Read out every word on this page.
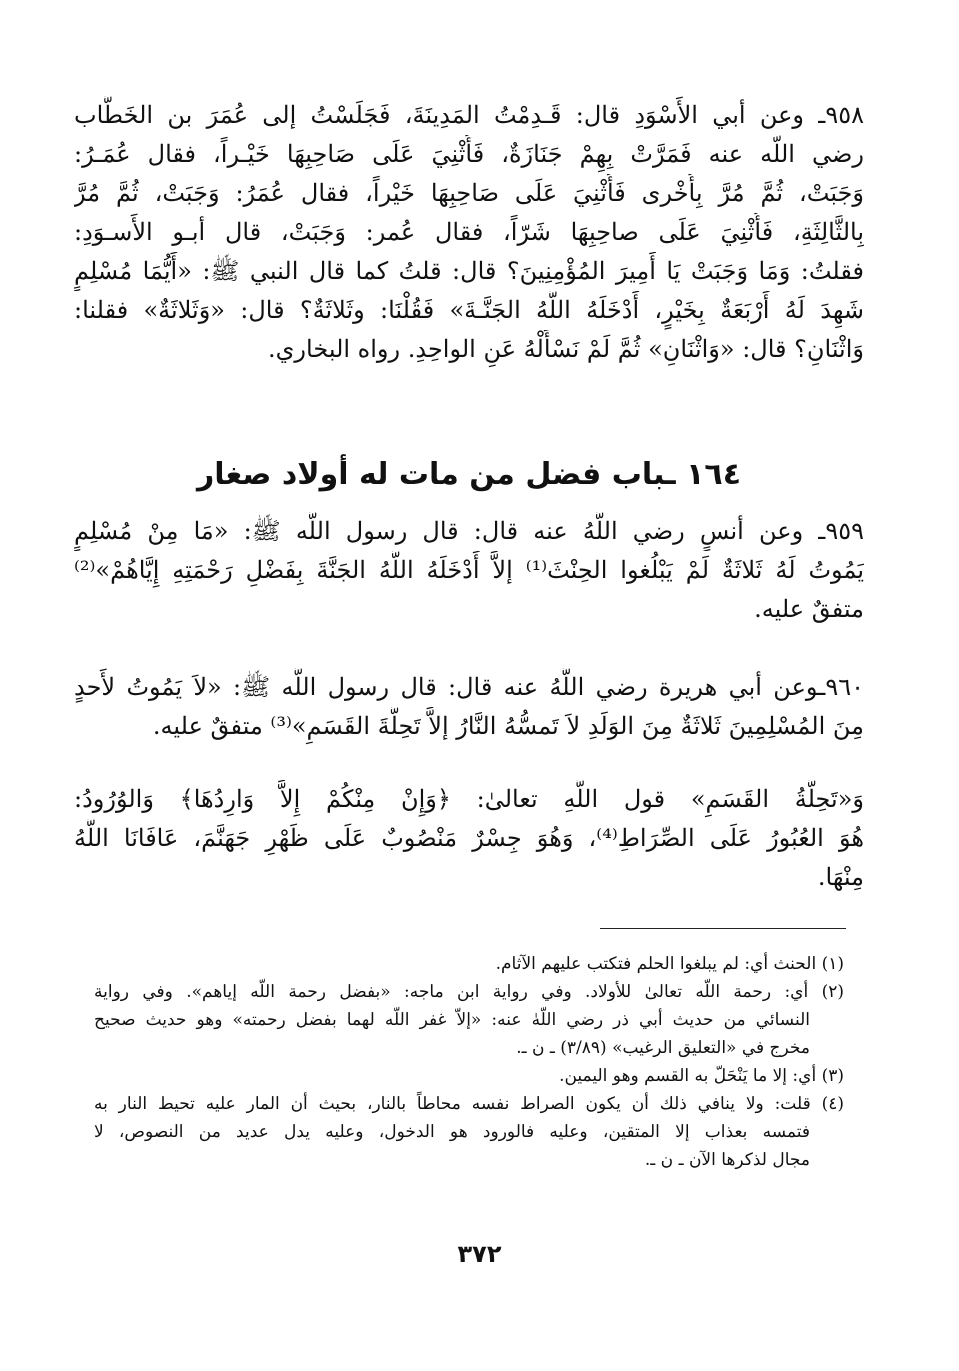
٩٥٨ـ وعن أبي الأَسْوَدِ قال: قَـدِمْتُ المَدِينَةَ، فَجَلَسْتُ إلى عُمَرَ بن الخَطَّاب
رضي اللّه عنه فَمَرَّتْ بِهِمْ جَنَازَةٌ، فَأُثْنِيَ عَلَى صَاحِبِهَا خَيْـراً، فقال عُمَـرُ:
وَجَبَتْ، ثُمَّ مُرَّ بِأُخْرى فَأُثْنِيَ عَلَى صَاحِبِهَا خَيْراً، فقال عُمَرُ: وَجَبَتْ، ثُمَّ مُرَّ
بِالثَّالِثَةِ، فَأُثْنِيَ عَلَى صاحِبِهَا شَرّاً، فقال عُمر: وَجَبَتْ، قال أبـو الأَسـوَدِ:
فقلتُ: وَمَا وَجَبَتْ يَا أَمِيرَ المُؤْمِنِينَ؟ قال: قلتُ كما قال النبي ﷺ: «أَيُّمَا مُسْلِمٍ
شَهِدَ لَهُ أَرْبَعَةٌ بِخَيْرٍ، أَدْخَلَهُ اللَّهُ الجَنَّـةَ» فَقُلْنَا: وثَلاثَةٌ؟ قال: «وَثَلاثَةٌ» فقلنا:
وَاثْنَانِ؟ قال: «وَاثْنَانِ» ثُمَّ لَمْ نَسْأَلْهُ عَنِ الواحِدِ. رواه البخاري.
١٦٤ ـباب فضل من مات له أولاد صغار
٩٥٩ـ وعن أنسٍ رضي اللَّهُ عنه قال: قال رسول اللَّه ﷺ: «مَا مِنْ مُسْلِمٍ
يَمُوتُ لَهُ ثَلاثَةٌ لَمْ يَبْلُغوا الحِنْثَ⁽¹⁾ إلاَّ أَدْخَلَهُ اللَّهُ الجَنَّةَ بِفَضْلِ رَحْمَتِهِ إِيَّاهُمْ»⁽²⁾
متفقٌ عليه.
٩٦٠ـوعن أبي هريرة رضي اللَّهُ عنه قال: قال رسول اللَّه ﷺ: «لاَ يَمُوتُ لأَحدٍ
مِنَ المُسْلِمِينَ ثَلاثَةٌ مِنَ الوَلَدِ لاَ تَمسُّهُ النَّارُ إلاَّ تَحِلَّةَ القَسَمِ»⁽³⁾ متفقٌ عليه.
وَ«تَحِلَّةُ القَسَمِ» قول اللَّهِ تعالىٰ: ﴿وَإِنْ مِنْكُمْ إِلاَّ وَارِدُهَا﴾ وَالوُرُودُ:
هُوَ العُبُورُ عَلَى الصِّرَاطِ⁽⁴⁾، وَهُوَ جِسْرٌ مَنْصُوبٌ عَلَى ظَهْرِ جَهَنَّمَ، عَافَانَا اللَّهُ
مِنْهَا.
(١) الحنث أي: لم يبلغوا الحلم فتكتب عليهم الآثام.
(٢) أي: رحمة اللّه تعالىٰ للأولاد. وفي رواية ابن ماجه: «بفضل رحمة اللّه إياهم». وفي رواية
النسائي من حديث أبي ذر رضي اللّهٰ عنه: «إلاّ غفر اللّه لهما بفضل رحمته» وهو حديث صحيح
مخرج في «التعليق الرغيب» (٣/٨٩) ـ ن ـ.
(٣) أي: إلا ما يَنْحَلّ به القسم وهو اليمين.
(٤) قلت: ولا ينافي ذلك أن يكون الصراط نفسه محاطاً بالنار، بحيث أن المار عليه تحيط النار به
فتمسه بعذاب إلا المتقين، وعليه فالورود هو الدخول، وعليه يدل عديد من النصوص، لا
مجال لذكرها الآن ـ ن ـ.
٣٧٢
